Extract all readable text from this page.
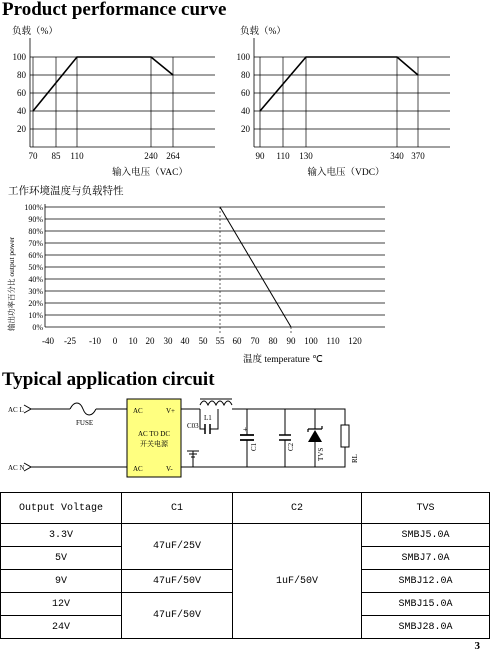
Product performance curve
负载（%）
100
80
60
40
20
70 85 110	240 264
输入电压（VAC）
负载（%）
100
80
60
40
20
90 110 130	340 370
输入电压（VDC）
工作环境温度与负载特性
输出功率百分比 output power
100%
90%
80%
70%
60%
50%
40%
30%
20%
10%
0%
-40 -25 -10 0 10 20 30 40 50 55 60 70 80 90 100 110 120
温度 temperature ℃
Typical application circuit
+
AC L
AC N
FUSE
AC
AC
V+
V-
AC TO DC
开关电源
L1
C03
C1	C2
TVS	RL
Output Voltage	C1	C2	TVS
3.3V	47uF/25V	1uF/50V	SMBJ5.0A
5V			SMBJ7.0A
9V	47uF/50V		SMBJ12.0A
12V	47uF/50V		SMBJ15.0A
24V			SMBJ28.0A
3
